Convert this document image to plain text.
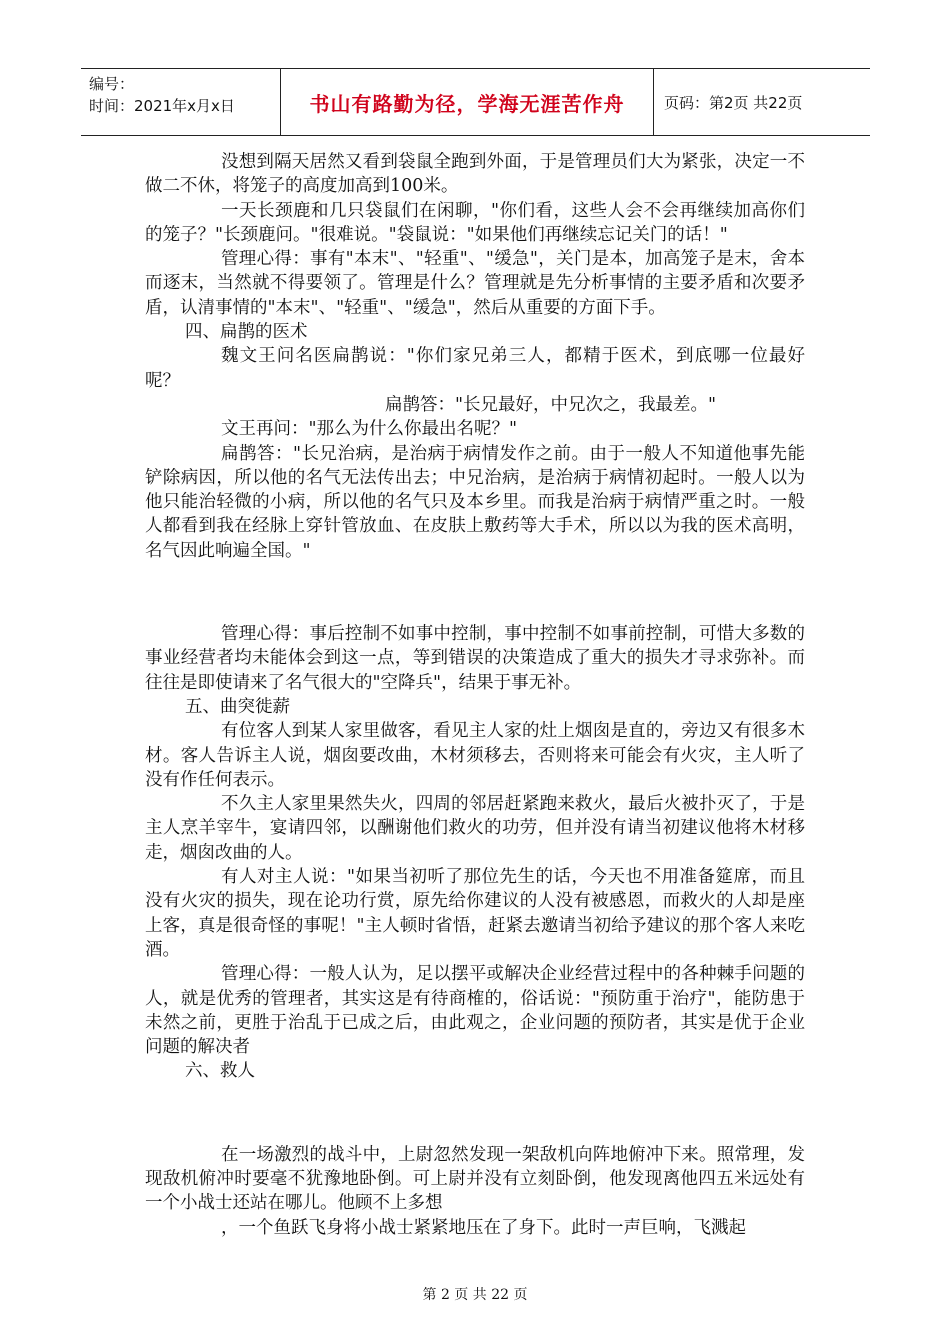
编号：
时间：2021年x月x日	书山有路勤为径，学海无涯苦作舟	页码：第2页 共22页

没想到隔天居然又看到袋鼠全跑到外面，于是管理员们大为紧张，决定一不做二不休，将笼子的高度加高到100米。

一天长颈鹿和几只袋鼠们在闲聊，"你们看，这些人会不会再继续加高你们的笼子？"长颈鹿问。"很难说。"袋鼠说："如果他们再继续忘记关门的话！"

管理心得：事有"本末"、"轻重"、"缓急"，关门是本，加高笼子是末，舍本而逐末，当然就不得要领了。管理是什么？管理就是先分析事情的主要矛盾和次要矛盾，认清事情的"本末"、"轻重"、"缓急"，然后从重要的方面下手。

四、扁鹊的医术

魏文王问名医扁鹊说："你们家兄弟三人，都精于医术，到底哪一位最好呢？

扁鹊答："长兄最好，中兄次之，我最差。"

文王再问："那么为什么你最出名呢？"

扁鹊答："长兄治病，是治病于病情发作之前。由于一般人不知道他事先能铲除病因，所以他的名气无法传出去；中兄治病，是治病于病情初起时。一般人以为他只能治轻微的小病，所以他的名气只及本乡里。而我是治病于病情严重之时。一般人都看到我在经脉上穿针管放血、在皮肤上敷药等大手术，所以以为我的医术高明，名气因此响遍全国。"

管理心得：事后控制不如事中控制，事中控制不如事前控制，可惜大多数的事业经营者均未能体会到这一点，等到错误的决策造成了重大的损失才寻求弥补。而往往是即使请来了名气很大的"空降兵"，结果于事无补。

五、曲突徙薪

有位客人到某人家里做客，看见主人家的灶上烟囱是直的，旁边又有很多木材。客人告诉主人说，烟囱要改曲，木材须移去，否则将来可能会有火灾，主人听了没有作任何表示。

不久主人家里果然失火，四周的邻居赶紧跑来救火，最后火被扑灭了，于是主人烹羊宰牛，宴请四邻，以酬谢他们救火的功劳，但并没有请当初建议他将木材移走，烟囱改曲的人。

有人对主人说："如果当初听了那位先生的话，今天也不用准备筵席，而且没有火灾的损失，现在论功行赏，原先给你建议的人没有被感恩，而救火的人却是座上客，真是很奇怪的事呢！"主人顿时省悟，赶紧去邀请当初给予建议的那个客人来吃酒。

管理心得：一般人认为，足以摆平或解决企业经营过程中的各种棘手问题的人，就是优秀的管理者，其实这是有待商榷的，俗话说："预防重于治疗"，能防患于未然之前，更胜于治乱于已成之后，由此观之，企业问题的预防者，其实是优于企业问题的解决者

六、救人

在一场激烈的战斗中，上尉忽然发现一架敌机向阵地俯冲下来。照常理，发现敌机俯冲时要毫不犹豫地卧倒。可上尉并没有立刻卧倒，他发现离他四五米远处有一个小战士还站在哪儿。他顾不上多想

，一个鱼跃飞身将小战士紧紧地压在了身下。此时一声巨响，飞溅起

第 2 页 共 22 页
